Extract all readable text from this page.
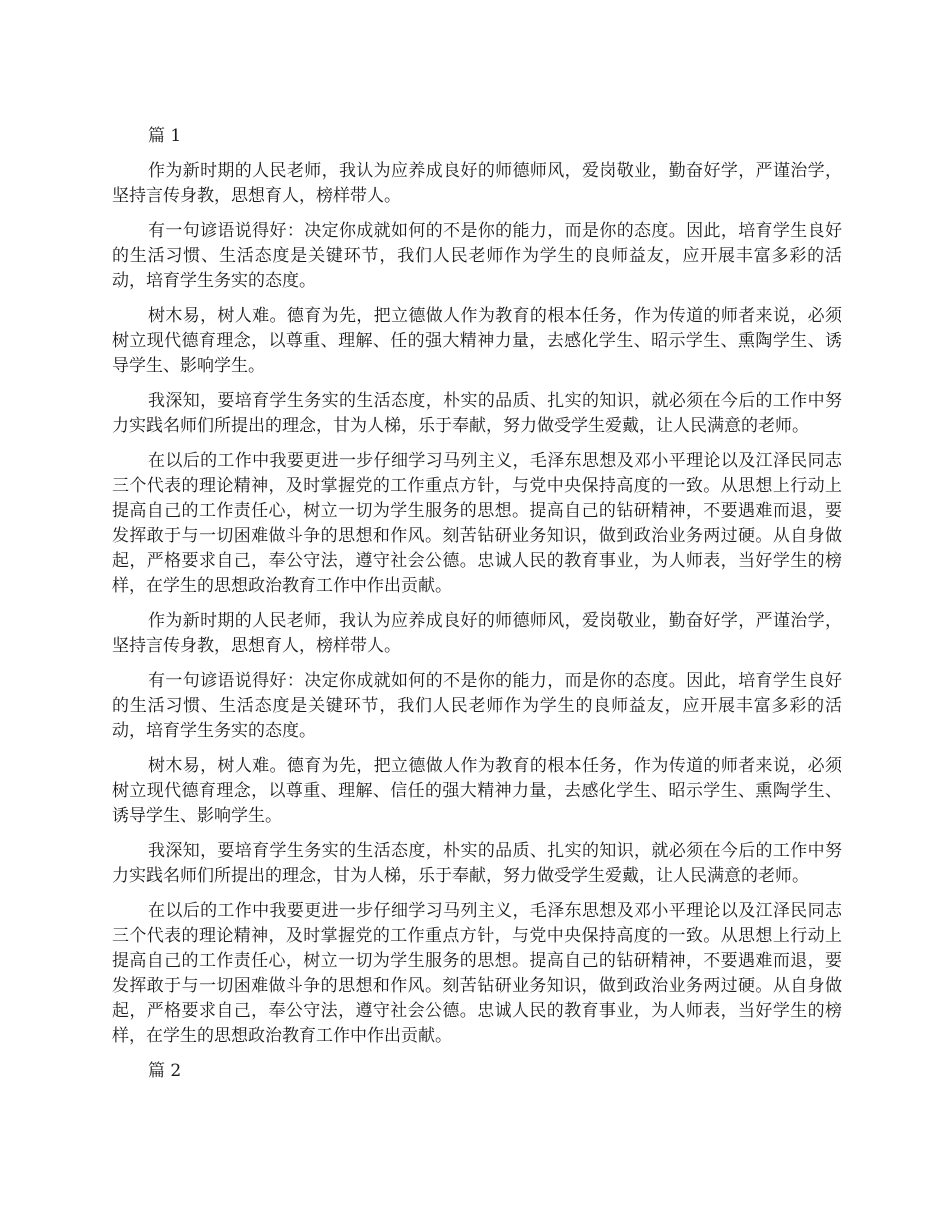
篇 1

作为新时期的人民老师，我认为应养成良好的师德师风，爱岗敬业，勤奋好学，严谨治学，坚持言传身教，思想育人，榜样带人。

有一句谚语说得好：决定你成就如何的不是你的能力，而是你的态度。因此，培育学生良好的生活习惯、生活态度是关键环节，我们人民老师作为学生的良师益友，应开展丰富多彩的活动，培育学生务实的态度。

树木易，树人难。德育为先，把立德做人作为教育的根本任务，作为传道的师者来说，必须树立现代德育理念，以尊重、理解、任的强大精神力量，去感化学生、昭示学生、熏陶学生、诱导学生、影响学生。

我深知，要培育学生务实的生活态度，朴实的品质、扎实的知识，就必须在今后的工作中努力实践名师们所提出的理念，甘为人梯，乐于奉献，努力做受学生爱戴，让人民满意的老师。

在以后的工作中我要更进一步仔细学习马列主义，毛泽东思想及邓小平理论以及江泽民同志三个代表的理论精神，及时掌握党的工作重点方针，与党中央保持高度的一致。从思想上行动上提高自己的工作责任心，树立一切为学生服务的思想。提高自己的钻研精神，不要遇难而退，要发挥敢于与一切困难做斗争的思想和作风。刻苦钻研业务知识，做到政治业务两过硬。从自身做起，严格要求自己，奉公守法，遵守社会公德。忠诚人民的教育事业，为人师表，当好学生的榜样，在学生的思想政治教育工作中作出贡献。

作为新时期的人民老师，我认为应养成良好的师德师风，爱岗敬业，勤奋好学，严谨治学，坚持言传身教，思想育人，榜样带人。

有一句谚语说得好：决定你成就如何的不是你的能力，而是你的态度。因此，培育学生良好的生活习惯、生活态度是关键环节，我们人民老师作为学生的良师益友，应开展丰富多彩的活动，培育学生务实的态度。

树木易，树人难。德育为先，把立德做人作为教育的根本任务，作为传道的师者来说，必须树立现代德育理念，以尊重、理解、信任的强大精神力量，去感化学生、昭示学生、熏陶学生、诱导学生、影响学生。

我深知，要培育学生务实的生活态度，朴实的品质、扎实的知识，就必须在今后的工作中努力实践名师们所提出的理念，甘为人梯，乐于奉献，努力做受学生爱戴，让人民满意的老师。

在以后的工作中我要更进一步仔细学习马列主义，毛泽东思想及邓小平理论以及江泽民同志三个代表的理论精神，及时掌握党的工作重点方针，与党中央保持高度的一致。从思想上行动上提高自己的工作责任心，树立一切为学生服务的思想。提高自己的钻研精神，不要遇难而退，要发挥敢于与一切困难做斗争的思想和作风。刻苦钻研业务知识，做到政治业务两过硬。从自身做起，严格要求自己，奉公守法，遵守社会公德。忠诚人民的教育事业，为人师表，当好学生的榜样，在学生的思想政治教育工作中作出贡献。

篇 2
